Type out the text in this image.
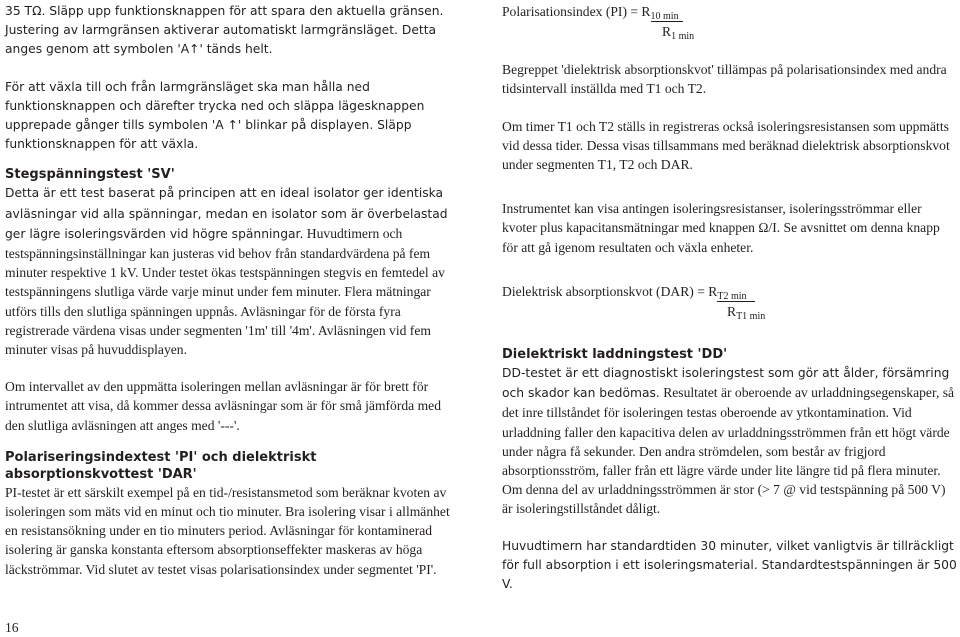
35 TΩ. Släpp upp funktionsknappen för att spara den aktuella gränsen. Justering av larmgränsen aktiverar automatiskt larmgränsläget. Detta anges genom att symbolen 'A↑' tänds helt.

För att växla till och från larmgränsläget ska man hålla ned funktionsknappen och därefter trycka ned och släppa lägesknappen upprepade gånger tills symbolen 'A ↑' blinkar på displayen. Släpp funktionsknappen för att växla.

Stegspänningstest 'SV'

Detta är ett test baserat på principen att en ideal isolator ger identiska avläsningar vid alla spänningar, medan en isolator som är överbelastad ger lägre isoleringsvärden vid högre spänningar. Huvudtimern och testspänningsinställningar kan justeras vid behov från standardvärdena på fem minuter respektive 1 kV. Under testet ökas testspänningen stegvis en femtedel av testspänningens slutliga värde varje minut under fem minuter. Flera mätningar utförs tills den slutliga spänningen uppnås. Avläsningar för de första fyra registrerade värdena visas under segmenten '1m' till '4m'. Avläsningen vid fem minuter visas på huvuddisplayen.

Om intervallet av den uppmätta isoleringen mellan avläsningar är för brett för intrumentet att visa, då kommer dessa avläsningar som är för små jämförda med den slutliga avläsningen att anges med '---'.

Polariseringsindextest 'PI' och dielektriskt
absorptionskvottest 'DAR'

PI-testet är ett särskilt exempel på en tid-/resistansmetod som beräknar kvoten av isoleringen som mäts vid en minut och tio minuter. Bra isolering visar i allmänhet en resistansökning under en tio minuters period. Avläsningar för kontaminerad isolering är ganska konstanta eftersom absorptionseffekter maskeras av höga läckströmmar. Vid slutet av testet visas polarisationsindex under segmentet 'PI'.

Polarisationsindex $(PI) = R_{10 min}$
$R_{1 min}$

Begreppet 'dielektrisk absorptionskvot' tillämpas på polarisationsindex med andra tidsintervall inställda med T1 och T2.

Om timer T1 och T2 ställs in registreras också isoleringsresistansen som uppmätts vid dessa tider. Dessa visas tillsammans med beräknad dielektrisk absorptionskvot under segmenten T1, T2 och DAR.

Instrumentet kan visa antingen isoleringsresistanser, isoleringsströmmar eller kvoter plus kapacitansmätningar med knappen Ω/I. Se avsnittet om denna knapp för att gå igenom resultaten och växla enheter.

Dielektrisk absorptionskvot $(DAR) = R_{T2 min}$
$R_{T1 min}$
Dielektriskt laddningstest 'DD'

DD-testet är ett diagnostiskt isoleringstest som gör att ålder, försämring och skador kan bedömas. Resultatet är oberoende av urladdningsegenskaper, så det inre tillståndet för isoleringen testas oberoende av ytkontamination. Vid urladdning faller den kapacitiva delen av urladdningsströmmen från ett högt värde under några få sekunder. Den andra strömdelen, som består av frigjord absorptionsström, faller från ett lägre värde under lite längre tid på flera minuter. Om denna del av urladdningsströmmen är stor (> 7 @ vid testspänning på 500 V) är isoleringstillståndet dåligt.

Huvudtimern har standardtiden 30 minuter, vilket vanligtvis är tillräckligt för full absorption i ett isoleringsmaterial. Standardtestspänningen är 500 V.

16
